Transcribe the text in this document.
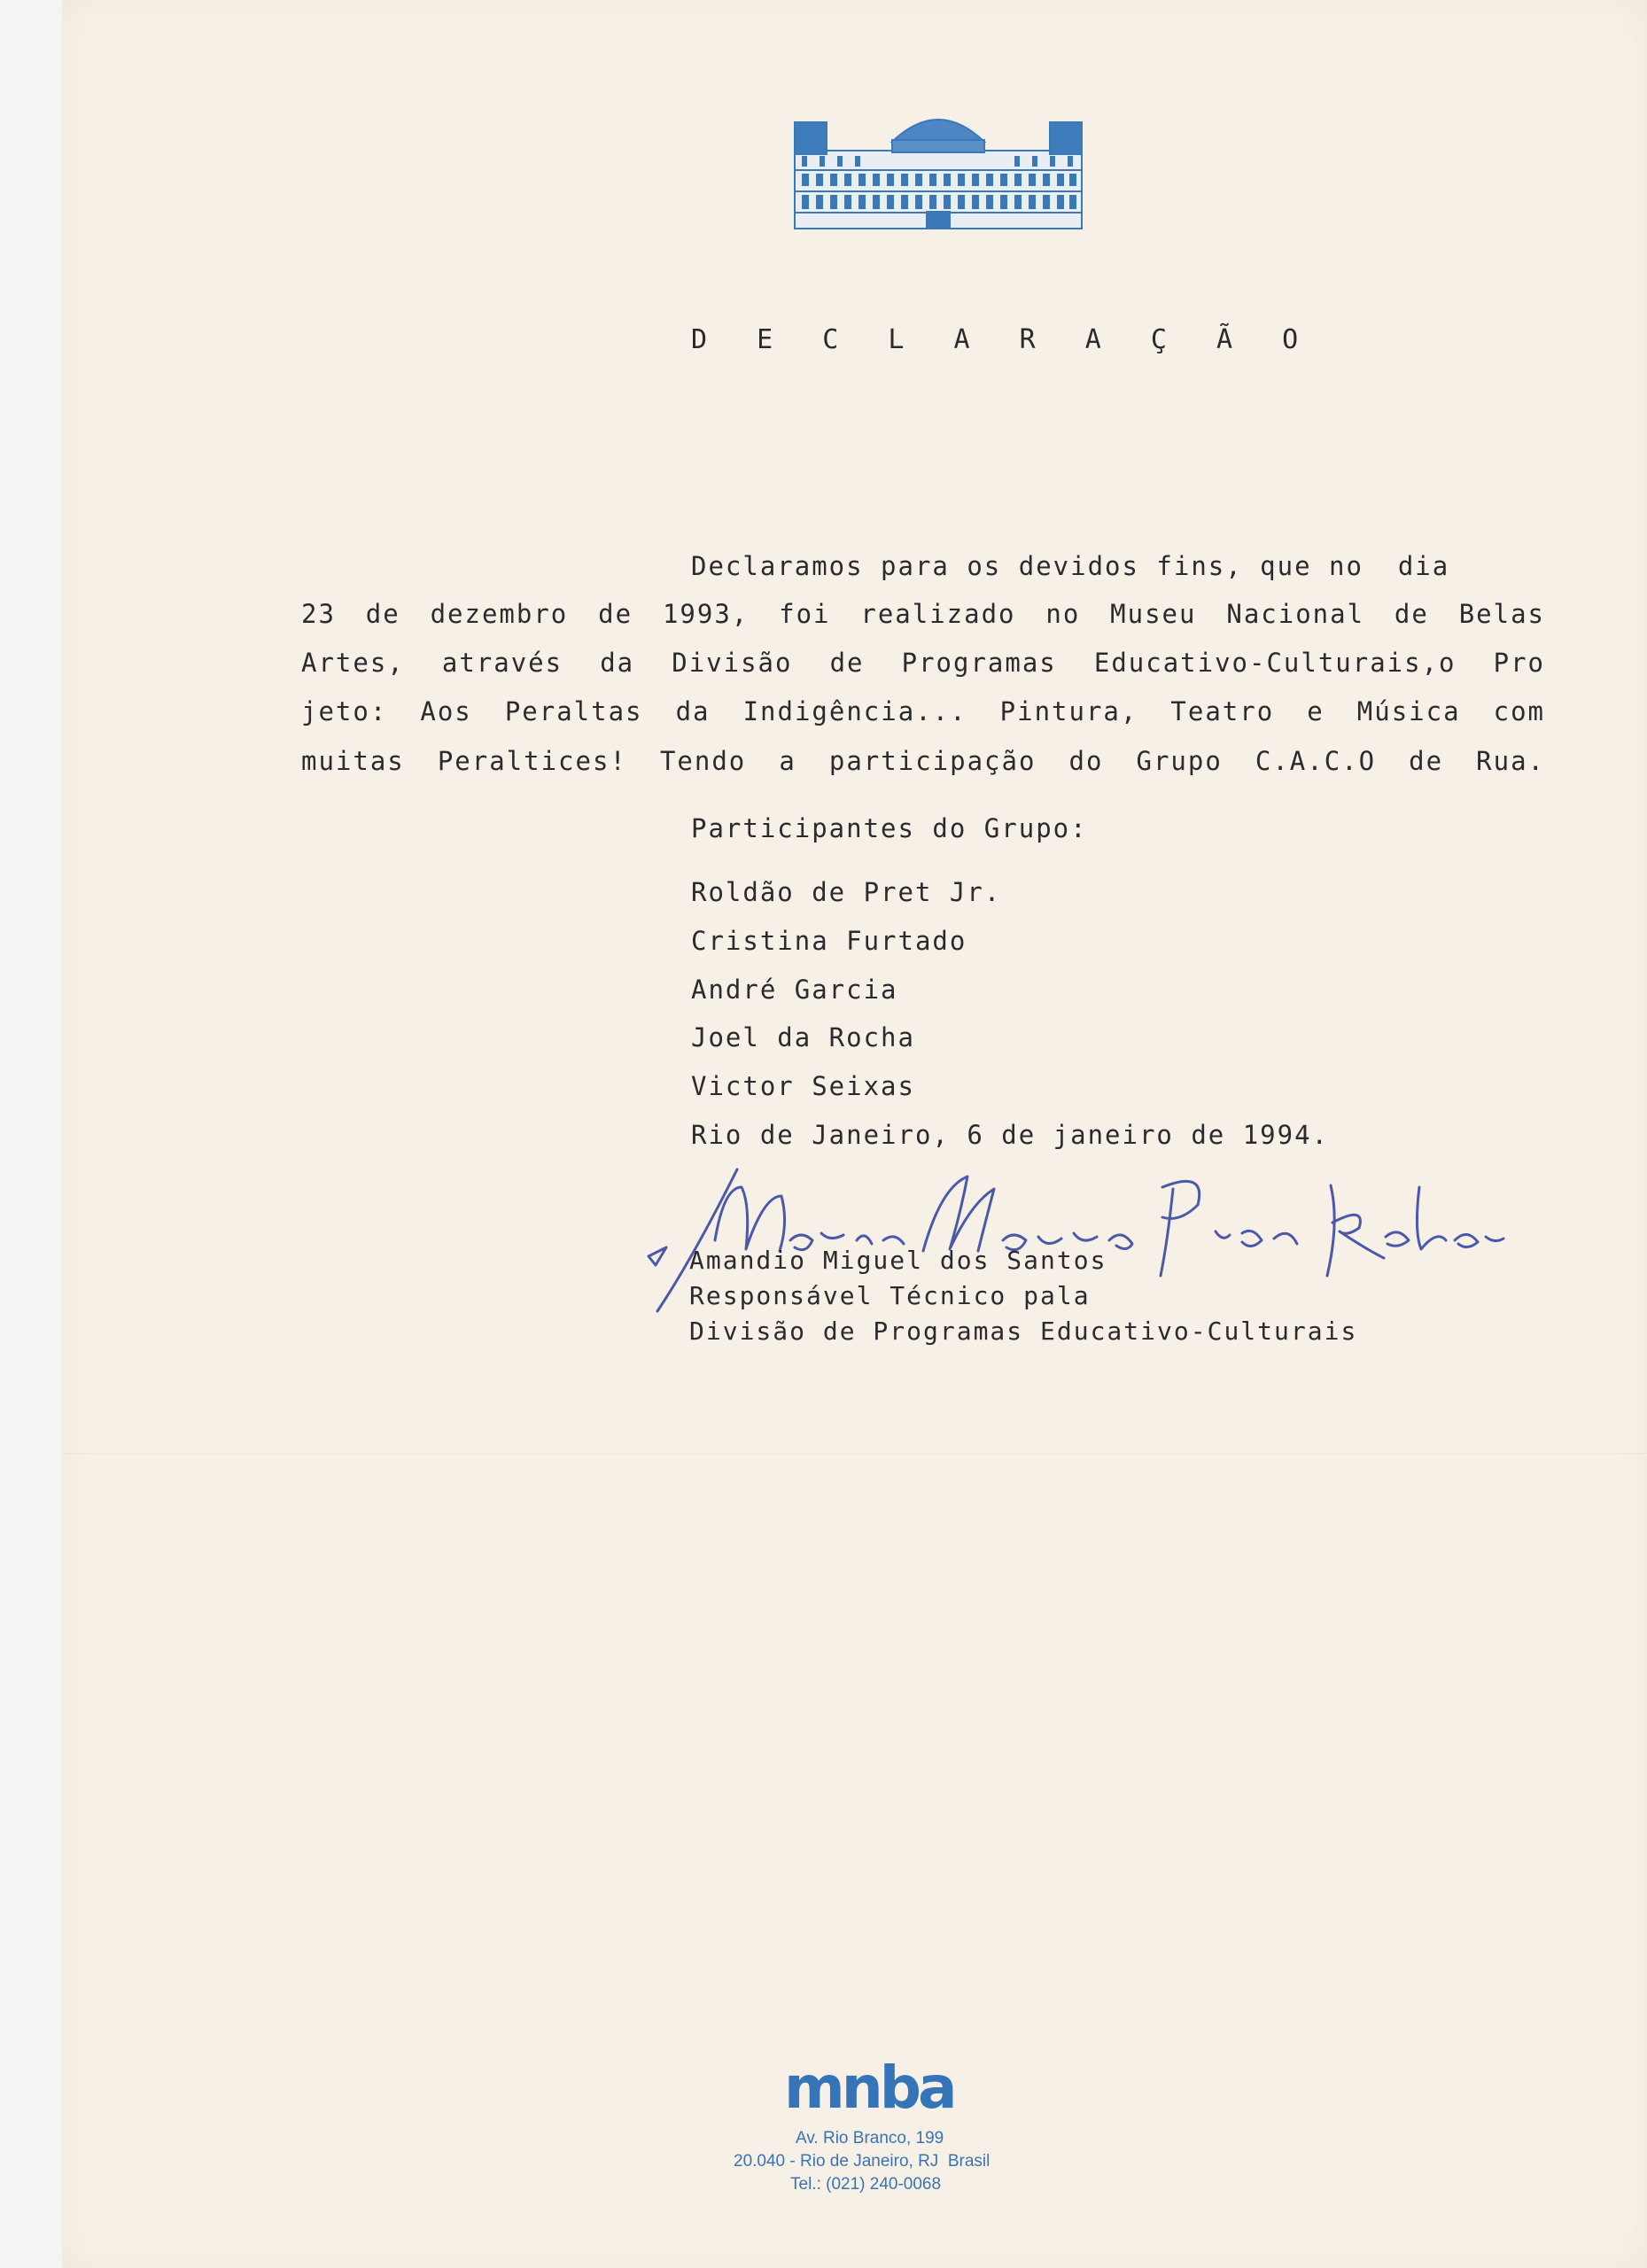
D E C L A R A Ç Ã O

Declaramos para os devidos fins, que no  dia

23 de dezembro de 1993, foi realizado no Museu Nacional de Belas

Artes, através da Divisão de Programas Educativo-Culturais,o Pro

jeto: Aos Peraltas da Indigência... Pintura, Teatro e Música com

muitas Peraltices! Tendo a participação do Grupo C.A.C.O de Rua.

Participantes do Grupo:

Roldão de Pret Jr.

Cristina Furtado

André Garcia

Joel da Rocha

Victor Seixas

Rio de Janeiro, 6 de janeiro de 1994.

Amandio Miguel dos Santos

Responsável Técnico pala

Divisão de Programas Educativo-Culturais

mnba

Av. Rio Branco, 199

20.040 - Rio de Janeiro, RJ  Brasil

Tel.: (021) 240-0068
